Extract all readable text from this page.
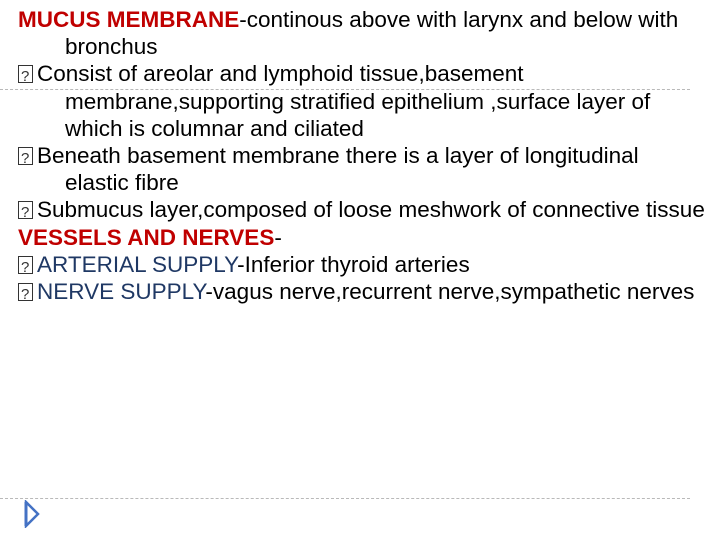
MUCUS MEMBRANE-continous above with larynx and below with bronchus

?Consist of areolar and lymphoid tissue,basement membrane,supporting stratified epithelium ,surface layer of which is columnar and ciliated

?Beneath basement membrane there is a layer of longitudinal elastic fibre

?Submucus layer,composed of loose meshwork of connective tissue

VESSELS AND NERVES-

?ARTERIAL SUPPLY-Inferior thyroid arteries

?NERVE SUPPLY-vagus nerve,recurrent nerve,sympathetic nerves
